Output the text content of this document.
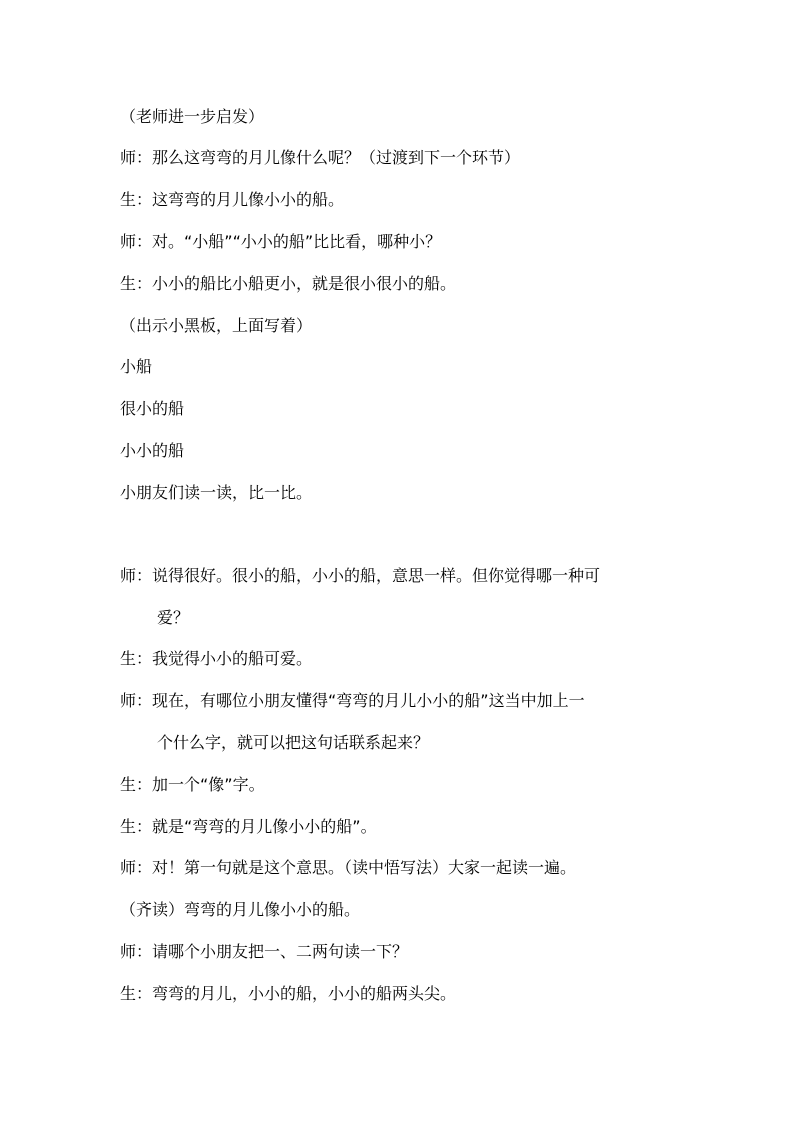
（老师进一步启发）
师：那么这弯弯的月儿像什么呢？（过渡到下一个环节）
生：这弯弯的月儿像小小的船。
师：对。“小船”“小小的船”比比看，哪种小？
生：小小的船比小船更小，就是很小很小的船。
（出示小黑板，上面写着）
小船
很小的船
小小的船
小朋友们读一读，比一比。
师：说得很好。很小的船，小小的船，意思一样。但你觉得哪一种可
爱？
生：我觉得小小的船可爱。
师：现在，有哪位小朋友懂得“弯弯的月儿小小的船”这当中加上一
个什么字，就可以把这句话联系起来？
生：加一个“像”字。
生：就是“弯弯的月儿像小小的船”。
师：对！第一句就是这个意思。（读中悟写法）大家一起读一遍。
（齐读）弯弯的月儿像小小的船。
师：请哪个小朋友把一、二两句读一下？
生：弯弯的月儿，小小的船，小小的船两头尖。
